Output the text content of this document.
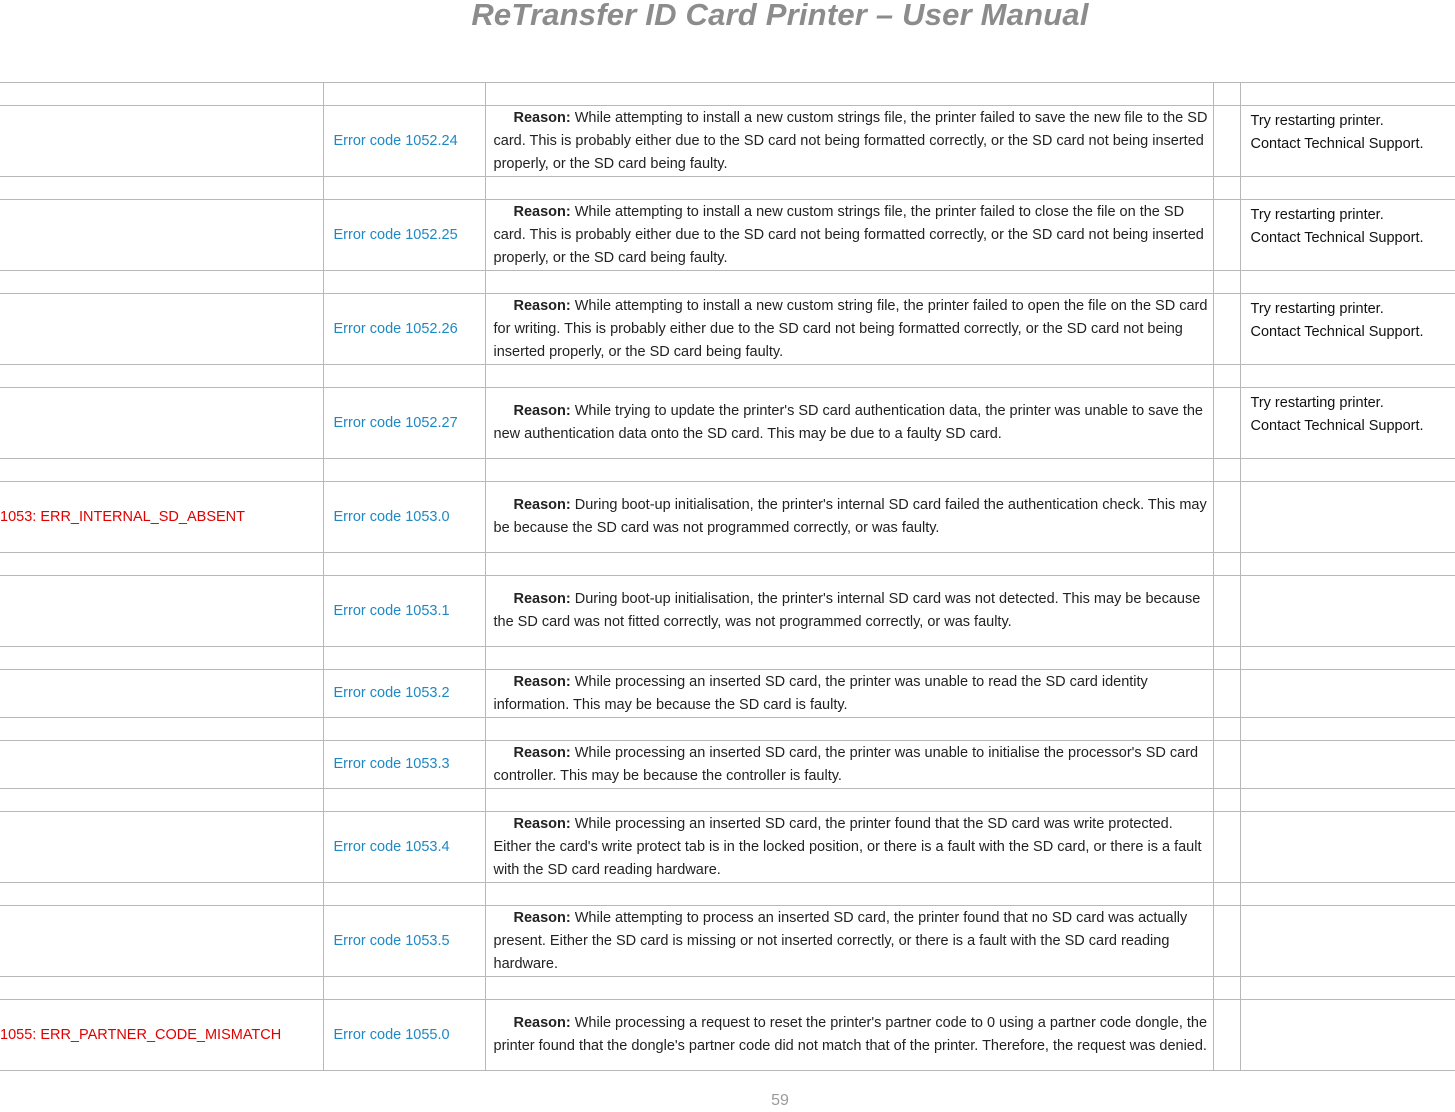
ReTransfer ID Card Printer – User Manual

	Error code 1052.24	Reason: While attempting to install a new custom strings file, the printer failed to save the new file to the SD card. This is probably either due to the SD card not being formatted correctly, or the SD card not being inserted properly, or the SD card being faulty.		Try restarting printer.
Contact Technical Support.

	Error code 1052.25	Reason: While attempting to install a new custom strings file, the printer failed to close the file on the SD card. This is probably either due to the SD card not being formatted correctly, or the SD card not being inserted properly, or the SD card being faulty.		Try restarting printer.
Contact Technical Support.

	Error code 1052.26	Reason: While attempting to install a new custom string file, the printer failed to open the file on the SD card for writing. This is probably either due to the SD card not being formatted correctly, or the SD card not being inserted properly, or the SD card being faulty.		Try restarting printer.
Contact Technical Support.

	Error code 1052.27	Reason: While trying to update the printer's SD card authentication data, the printer was unable to save the new authentication data onto the SD card. This may be due to a faulty SD card.		Try restarting printer.
Contact Technical Support.

1053: ERR_INTERNAL_SD_ABSENT	Error code 1053.0	Reason: During boot-up initialisation, the printer's internal SD card failed the authentication check. This may be because the SD card was not programmed correctly, or was faulty.		

	Error code 1053.1	Reason: During boot-up initialisation, the printer's internal SD card was not detected. This may be because the SD card was not fitted correctly, was not programmed correctly, or was faulty.		

	Error code 1053.2	Reason: While processing an inserted SD card, the printer was unable to read the SD card identity information. This may be because the SD card is faulty.		

	Error code 1053.3	Reason: While processing an inserted SD card, the printer was unable to initialise the processor's SD card controller. This may be because the controller is faulty.		

	Error code 1053.4	Reason: While processing an inserted SD card, the printer found that the SD card was write protected. Either the card's write protect tab is in the locked position, or there is a fault with the SD card, or there is a fault with the SD card reading hardware.		

	Error code 1053.5	Reason: While attempting to process an inserted SD card, the printer found that no SD card was actually present. Either the SD card is missing or not inserted correctly, or there is a fault with the SD card reading hardware.		

1055: ERR_PARTNER_CODE_MISMATCH	Error code 1055.0	Reason: While processing a request to reset the printer's partner code to 0 using a partner code dongle, the printer found that the dongle's partner code did not match that of the printer. Therefore, the request was denied.		
59
